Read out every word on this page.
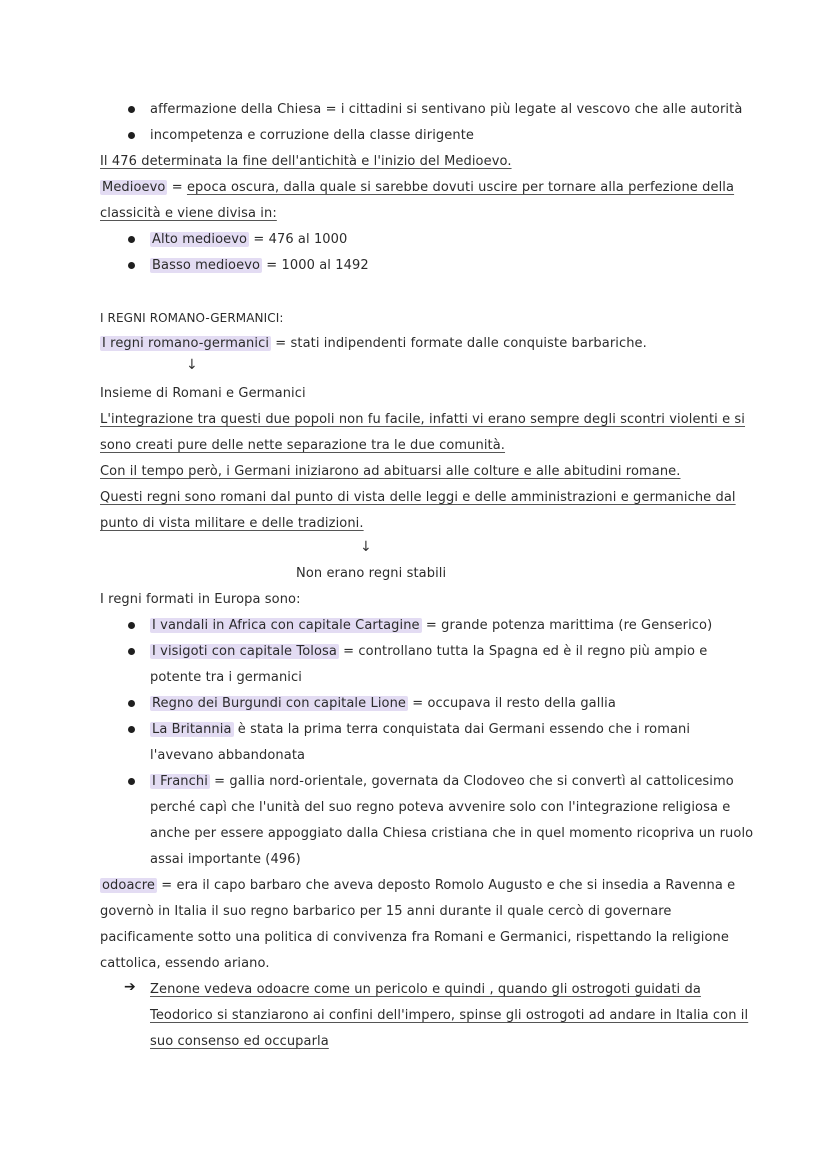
affermazione della Chiesa = i cittadini si sentivano più legate al vescovo che alle autorità
incompetenza e corruzione della classe dirigente
Il 476 determinata la fine dell'antichità e l'inizio del Medioevo.
Medioevo = epoca oscura, dalla quale si sarebbe dovuti uscire per tornare alla perfezione della
classicità e viene divisa in:
Alto medioevo = 476 al 1000
Basso medioevo = 1000 al 1492
I REGNI ROMANO-GERMANICI:
I regni romano-germanici = stati indipendenti formate dalle conquiste barbariche.
↓
Insieme di Romani e Germanici
L'integrazione tra questi due popoli non fu facile, infatti vi erano sempre degli scontri violenti e si
sono creati pure delle nette separazione tra le due comunità.
Con il tempo però, i Germani iniziarono ad abituarsi alle colture e alle abitudini romane.
Questi regni sono romani dal punto di vista delle leggi e delle amministrazioni e germaniche dal
punto di vista militare e delle tradizioni.
↓
Non erano regni stabili
I regni formati in Europa sono:
I vandali in Africa con capitale Cartagine = grande potenza marittima (re Genserico)
I visigoti con capitale Tolosa = controllano tutta la Spagna ed è il regno più ampio e
potente tra i germanici
Regno dei Burgundi con capitale Lione = occupava il resto della gallia
La Britannia è stata la prima terra conquistata dai Germani essendo che i romani
l'avevano abbandonata
I Franchi = gallia nord-orientale, governata da Clodoveo che si convertì al cattolicesimo
perché capì che l'unità del suo regno poteva avvenire solo con l'integrazione religiosa e
anche per essere appoggiato dalla Chiesa cristiana che in quel momento ricopriva un ruolo
assai importante (496)
odoacre = era il capo barbaro che aveva deposto Romolo Augusto e che si insedia a Ravenna e
governò in Italia il suo regno barbarico per 15 anni durante il quale cercò di governare
pacificamente sotto una politica di convivenza fra Romani e Germanici, rispettando la religione
cattolica, essendo ariano.
➔ Zenone vedeva odoacre come un pericolo e quindi , quando gli ostrogoti guidati da
Teodorico si stanziarono ai confini dell'impero, spinse gli ostrogoti ad andare in Italia con il
suo consenso ed occuparla
